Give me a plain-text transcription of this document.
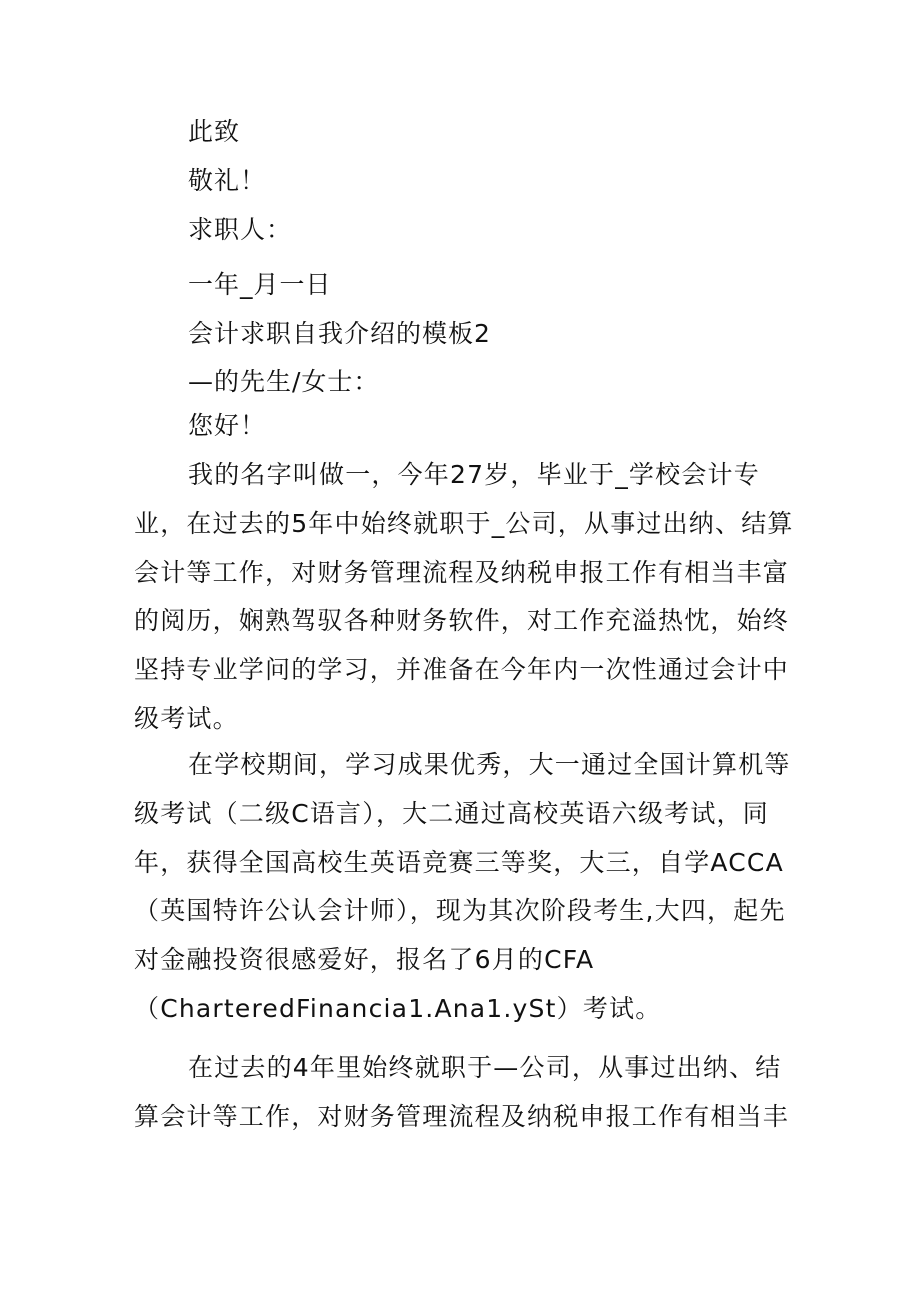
此致
敬礼！
求职人：
一年_月一日
会计求职自我介绍的模板2
—的先生/女士：
您好！

我的名字叫做一，今年27岁，毕业于_学校会计专业，在过去的5年中始终就职于_公司，从事过出纳、结算会计等工作，对财务管理流程及纳税申报工作有相当丰富的阅历，娴熟驾驭各种财务软件，对工作充溢热忱，始终坚持专业学问的学习，并准备在今年内一次性通过会计中级考试。

在学校期间，学习成果优秀，大一通过全国计算机等级考试（二级C语言），大二通过高校英语六级考试，同年，获得全国高校生英语竞赛三等奖，大三，自学ACCA（英国特许公认会计师），现为其次阶段考生,大四，起先对金融投资很感爱好，报名了6月的CFA（CharteredFinancia1.Ana1.ySt）考试。

在过去的4年里始终就职于—公司，从事过出纳、结算会计等工作，对财务管理流程及纳税申报工作有相当丰
